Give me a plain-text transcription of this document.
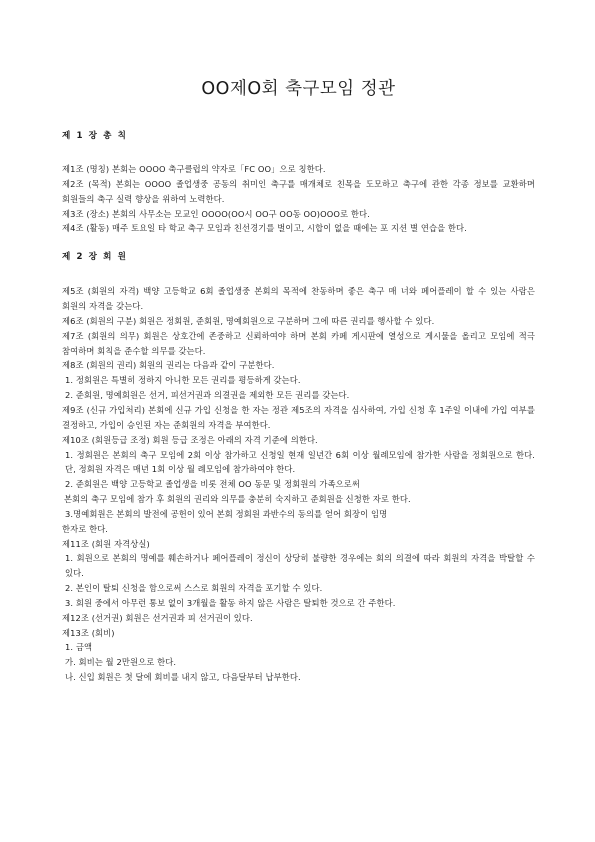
OO제O회 축구모임 정관
제 1 장 총 칙

제1조 (명칭) 본회는 OOOO 축구클럽의 약자로「FC OO」으로 칭한다.

제2조 (목적) 본회는 OOOO 졸업생중 공동의 취미인 축구를 매개체로 친목을 도모하고 축구에 관한 각종 정보를 교환하며 회원들의 축구 실력 향상을 위하여 노력한다.

제3조 (장소) 본회의 사무소는 모교인 OOOO(OO시 OO구 OO동 OO)OOO로 한다.

제4조 (활동) 매주 토요일 타 학교 축구 모임과 친선경기를 벌이고, 시합이 없을 때에는 포 지션 별 연습을 한다.

제 2 장 회 원

제5조 (회원의 자격) 백양 고등학교 6회 졸업생중 본회의 목적에 찬동하며 좋은 축구 매 너와 페어플레이 할 수 있는 사람은 회원의 자격을 갖는다.

제6조 (회원의 구분) 회원은 정회원, 준회원, 명예회원으로 구분하며 그에 따른 권리를 행사할 수 있다.

제7조 (회원의 의무) 회원은 상호간에 존중하고 신뢰하여야 하며 본회 카페 게시판에 열성으로 게시물을 올리고 모임에 적극 참여하며 회칙을 준수할 의무를 갖는다.

제8조 (회원의 권리) 회원의 권리는 다음과 같이 구분한다.

1. 정회원은 특별히 정하지 아니한 모든 권리를 평등하게 갖는다.

2. 준회원, 명예회원은 선거, 피선거권과 의결권을 제외한 모든 권리를 갖는다.

제9조 (신규 가입처리) 본회에 신규 가입 신청을 한 자는 정관 제5조의 자격을 심사하여, 가입 신청 후 1주일 이내에 가입 여부를 결정하고, 가입이 승인된 자는 준회원의 자격을 부여한다.

제10조 (회원등급 조정) 회원 등급 조정은 아래의 자격 기준에 의한다.

1. 정회원은 본회의 축구 모임에 2회 이상 참가하고 신청일 현재 일년간 6회 이상 월례모임에 참가한 사람을 정회원으로 한다. 단, 정회원 자격은 매년 1회 이상 월 례모임에 참가하여야 한다.

2. 준회원은 백양 고등학교 졸업생을 비롯 전체 OO 동문 및 정회원의 가족으로써

본회의 축구 모임에 참가 후 회원의 권리와 의무를 충분히 숙지하고 준회원을 신청한 자로 한다.

3.명예회원은 본회의 발전에 공헌이 있어 본회 정회원 과반수의 동의를 얻어 회장이 임명

한자로 한다.

제11조 (회원 자격상실)

1. 회원으로 본회의 명예를 훼손하거나 페어플레이 정신이 상당히 불량한 경우에는 회의 의결에 따라 회원의 자격을 박탈할 수 있다.

2. 본인이 탈퇴 신청을 함으로써 스스로 회원의 자격을 포기할 수 있다.

3. 회원 중에서 아무런 통보 없이 3개월을 활동 하지 않은 사람은 탈퇴한 것으로 간 주한다.

제12조 (선거권) 회원은 선거권과 피 선거권이 있다.

제13조 (회비)

1. 금액

가. 회비는 월 2만원으로 한다.

나. 신입 회원은 첫 달에 회비를 내지 않고, 다음달부터 납부한다.
